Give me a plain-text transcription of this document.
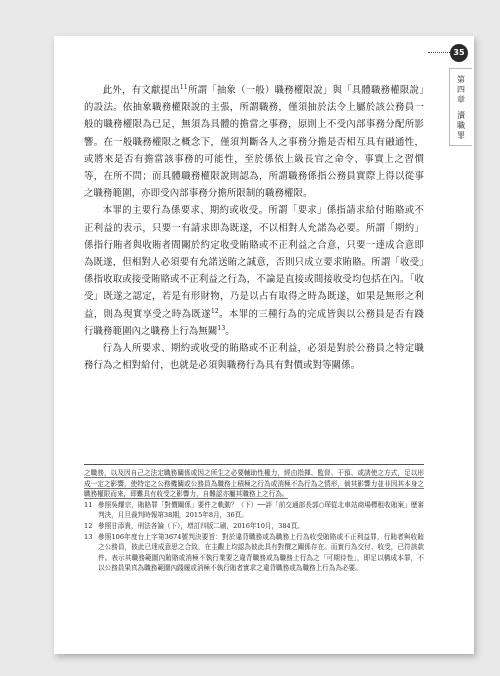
35
第
四
章
瀆
職
罪

此外，有文獻提出$^{11}$所謂「抽象（一般）職務權限說」與「具體職務權限說」的設法。依抽象職務權限說的主張，所謂職務，僅須抽於法令上屬於該公務員一般的職務權限為已足，無須為具體的擔當之事務，原則上不受內部事務分配所影響。在一般職務權限之概念下，僅須判斷各人之事務分擔是否相互具有融通性，或將來是否有擔當該事務的可能性，至於係依上級長官之命令、事實上之習慣等，在所不問；而具體職務權限說則認為，所謂職務係指公務員實際上得以從事之職務範圍，亦即受內部事務分擔所限制的職務權限。

本罪的主要行為係要求、期約或收受。所謂「要求」係指請求給付賄賂或不正利益的表示，只要一有請求即為既遂，不以相對人允諾為必要。所謂「期約」係指行賄者與收賄者間關於約定收受賄賂或不正利益之合意，只要一達成合意即為既遂，但相對人必須要有允諾送賄之誠意，否則只成立要求賄賂。所謂「收受」係指收取或接受賄賂或不正利益之行為，不論是直接或間接收受均包括在內。「收受」既遂之認定，若是有形財物，乃是以占有取得之時為既遂，如果是無形之利益，則為現實享受之時為既遂$^{12}$。本罪的三種行為的完成皆與以公務員是否有踐行職務範圍內之職務上行為無關$^{13}$。

行為人所要求、期約或收受的賄賂或不正利益，必須是對於公務員之特定職務行為之相對給付，也就是必須與職務行為具有對價或對等關係。

之職務，以及因自己之法定職務關係或因之所生之必要輔助性權力，經由指揮、監督、干預、或誘使之方式，足以形成一定之影響，使特定之公務機關或公務員為職務上積極之行為或消極不為行為之情形，倘其影響力並非因其本身之職務權限而來，即難具有收受之影響力，自難認亦屬其職務上之行為。

11 參照吳耀宗，賄賂罪「對價關係」要件之軌動？（下）──評「前交通部長郭○琛從北車站商場標租收賄案」歷審判決，月旦裁判時報第38期，2015年8月，36頁。
12 參照甘添貴，刑法各論（下），增訂四版二刷，2016年10月，384頁。
13 參照106年度台上字第3674號判決要旨：對於違背職務或為職務上行為收受賄賂或不正利益罪，行賄者與收賄之公務員，彼此已達成意思之合致，在主觀上均認為彼此具有對價之關係存在。而實行為交付、收受，已符該款件。表示其職務範圍內賄賂或消極不執行業要之違背職務或為職務上行為之「可期待性」，即足以構成本罪，不以公務員果真為職務範圍內踐履或消極不執行賄者實求之違背職務或為職務上行為為必要。
